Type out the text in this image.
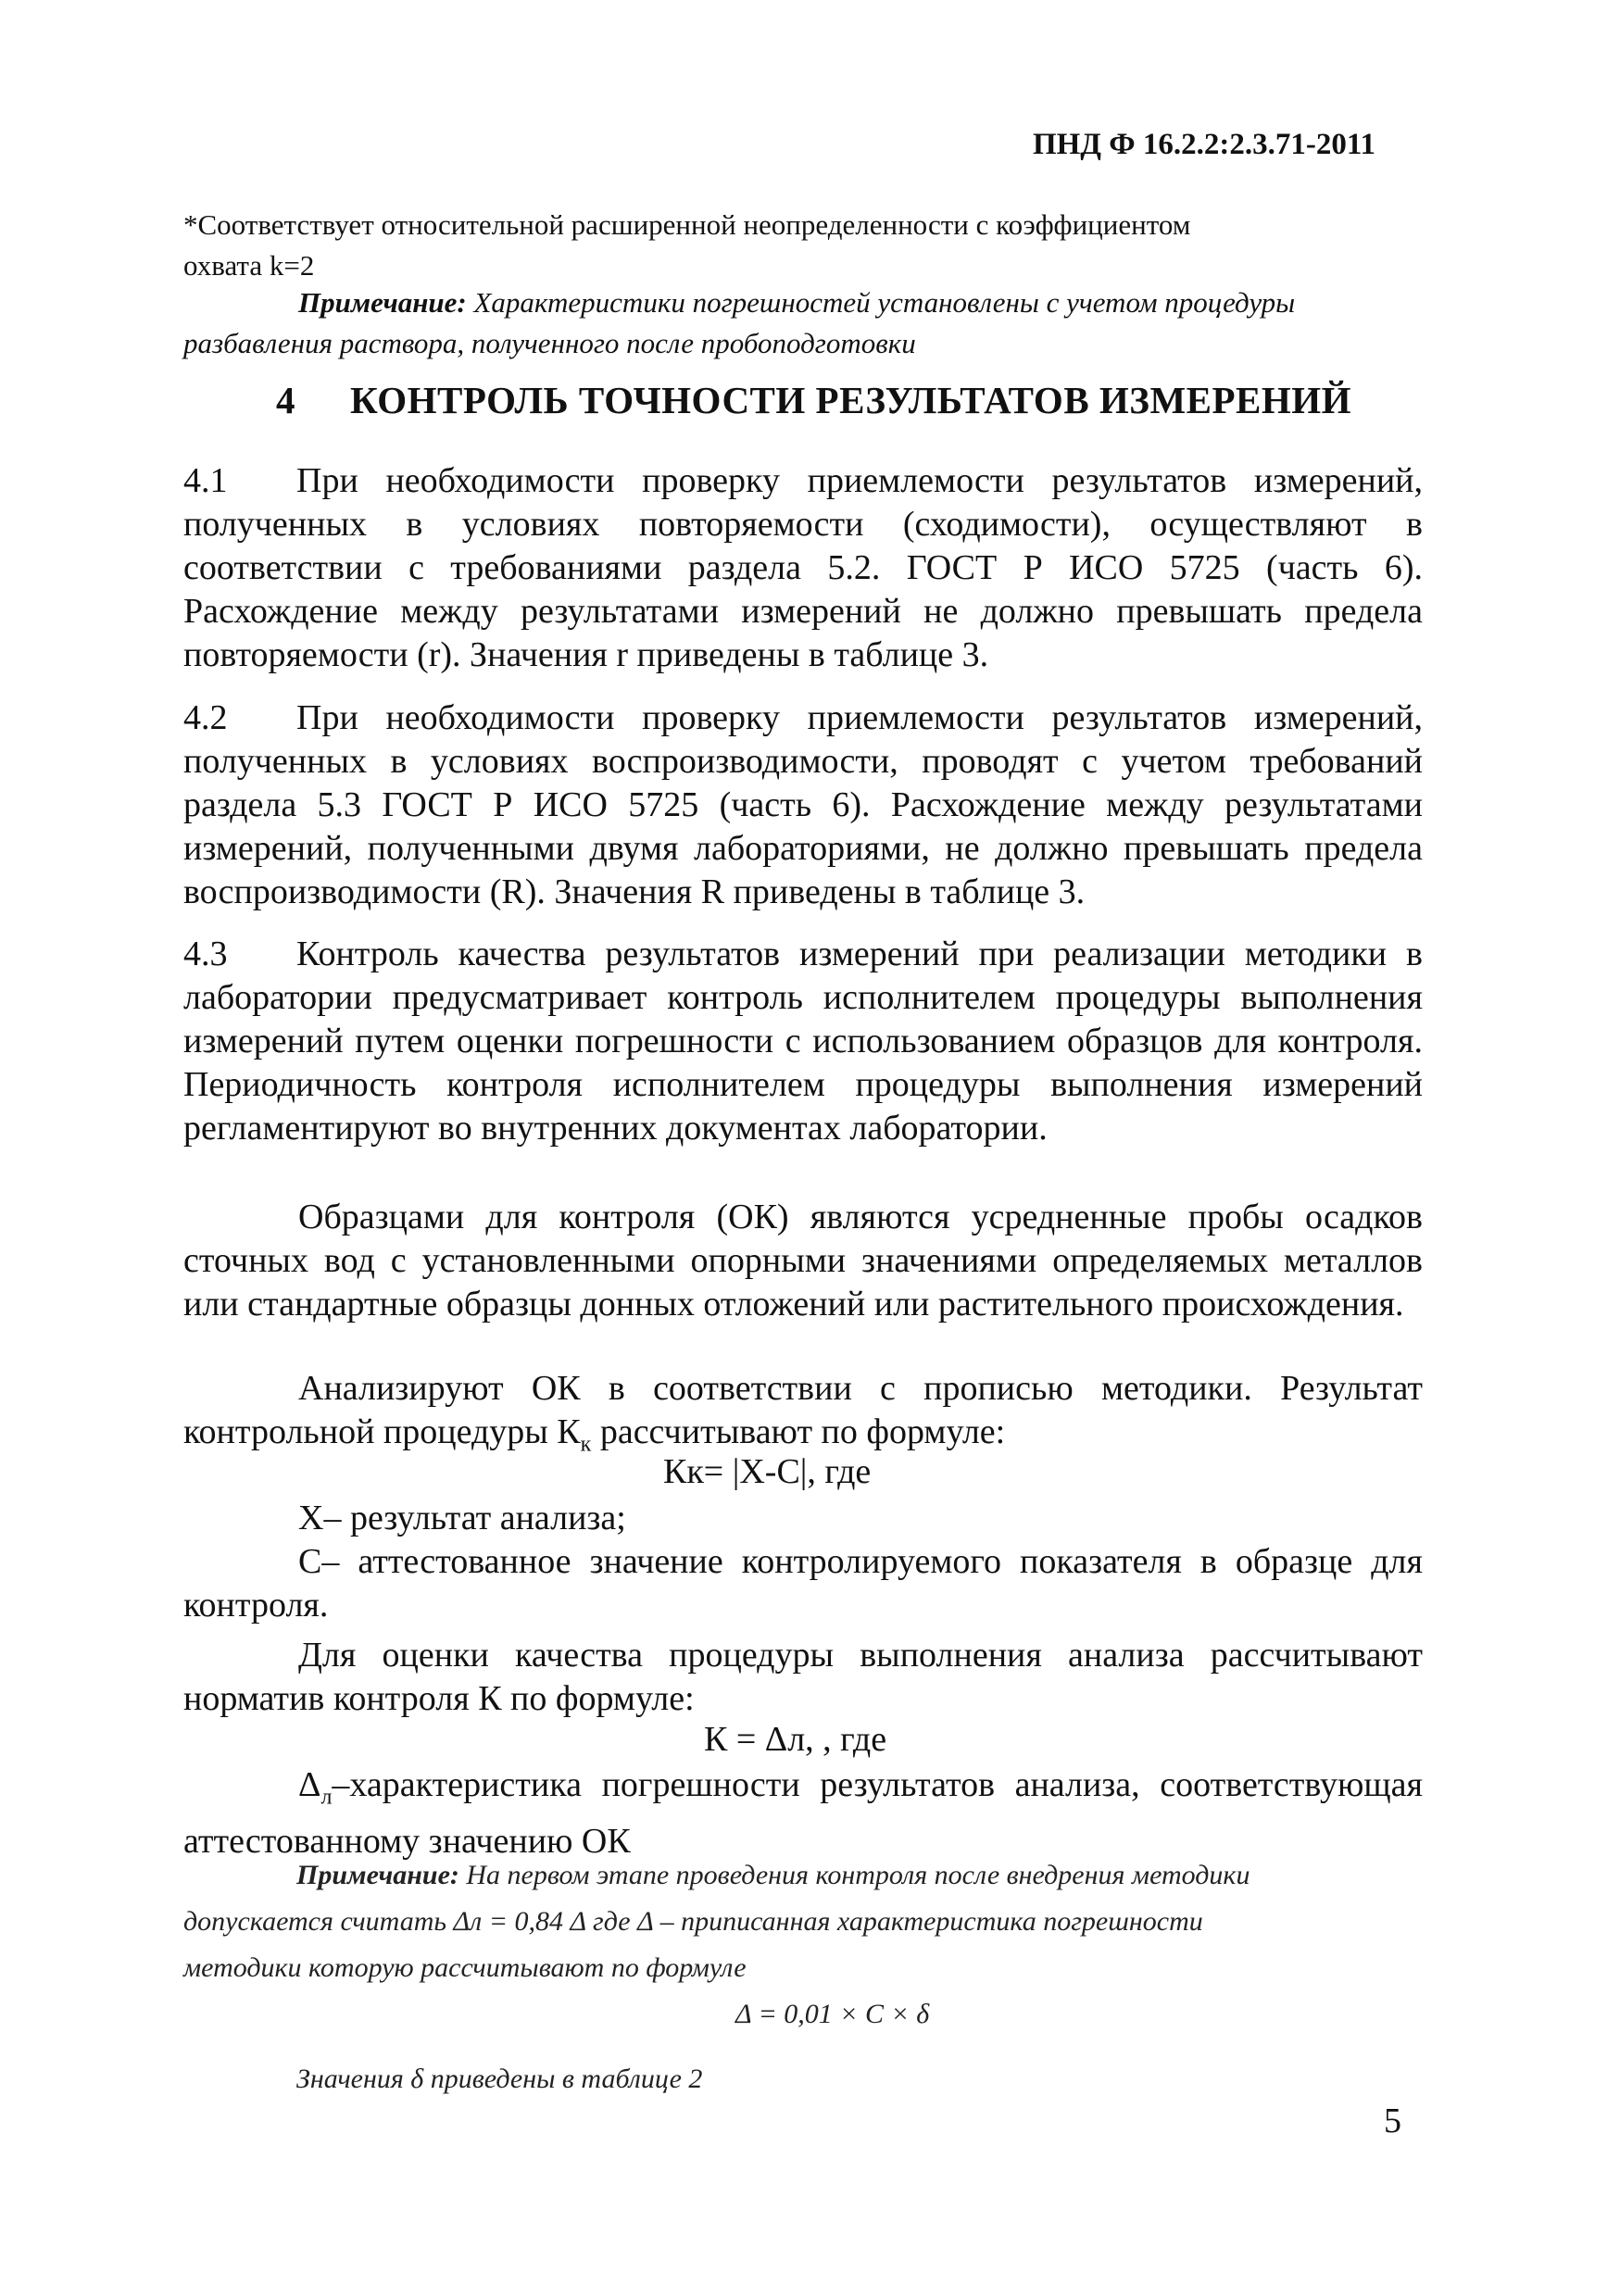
ПНД Ф 16.2.2:2.3.71-2011
*Соответствует относительной расширенной неопределенности с коэффициентом
охвата k=2
Примечание: Характеристики погрешностей установлены с учетом процедуры
разбавления раствора, полученного после пробоподготовки
4 КОНТРОЛЬ ТОЧНОСТИ РЕЗУЛЬТАТОВ ИЗМЕРЕНИЙ
4.1 При необходимости проверку приемлемости результатов измерений, полученных в условиях повторяемости (сходимости), осуществляют в соответствии с требованиями раздела 5.2. ГОСТ Р ИСО 5725 (часть 6). Расхождение между результатами измерений не должно превышать предела повторяемости (r). Значения r приведены в таблице 3.
4.2 При необходимости проверку приемлемости результатов измерений, полученных в условиях воспроизводимости, проводят с учетом требований раздела 5.3 ГОСТ Р ИСО 5725 (часть 6). Расхождение между результатами измерений, полученными двумя лабораториями, не должно превышать предела воспроизводимости (R). Значения R приведены в таблице 3.
4.3 Контроль качества результатов измерений при реализации методики в лаборатории предусматривает контроль исполнителем процедуры выполнения измерений путем оценки погрешности с использованием образцов для контроля. Периодичность контроля исполнителем процедуры выполнения измерений регламентируют во внутренних документах лаборатории.
Образцами для контроля (ОК) являются усредненные пробы осадков сточных вод с установленными опорными значениями определяемых металлов или стандартные образцы донных отложений или растительного происхождения.
Анализируют ОК в соответствии с прописью методики. Результат контрольной процедуры $К_к$ рассчитывают по формуле:
Кк= |Х-С|, где
Х– результат анализа;
С– аттестованное значение контролируемого показателя в образце для контроля.
Для оценки качества процедуры выполнения анализа рассчитывают норматив контроля К по формуле:
К = Δл, , где
$\Delta_л$–характеристика погрешности результатов анализа, соответствующая аттестованному значению ОК
Примечание: На первом этапе проведения контроля после внедрения методики
допускается считать Δл = 0,84 Δ где Δ – приписанная характеристика погрешности
методики которую рассчитывают по формуле
Δ = 0,01 × C × δ
Значения δ приведены в таблице 2
5
